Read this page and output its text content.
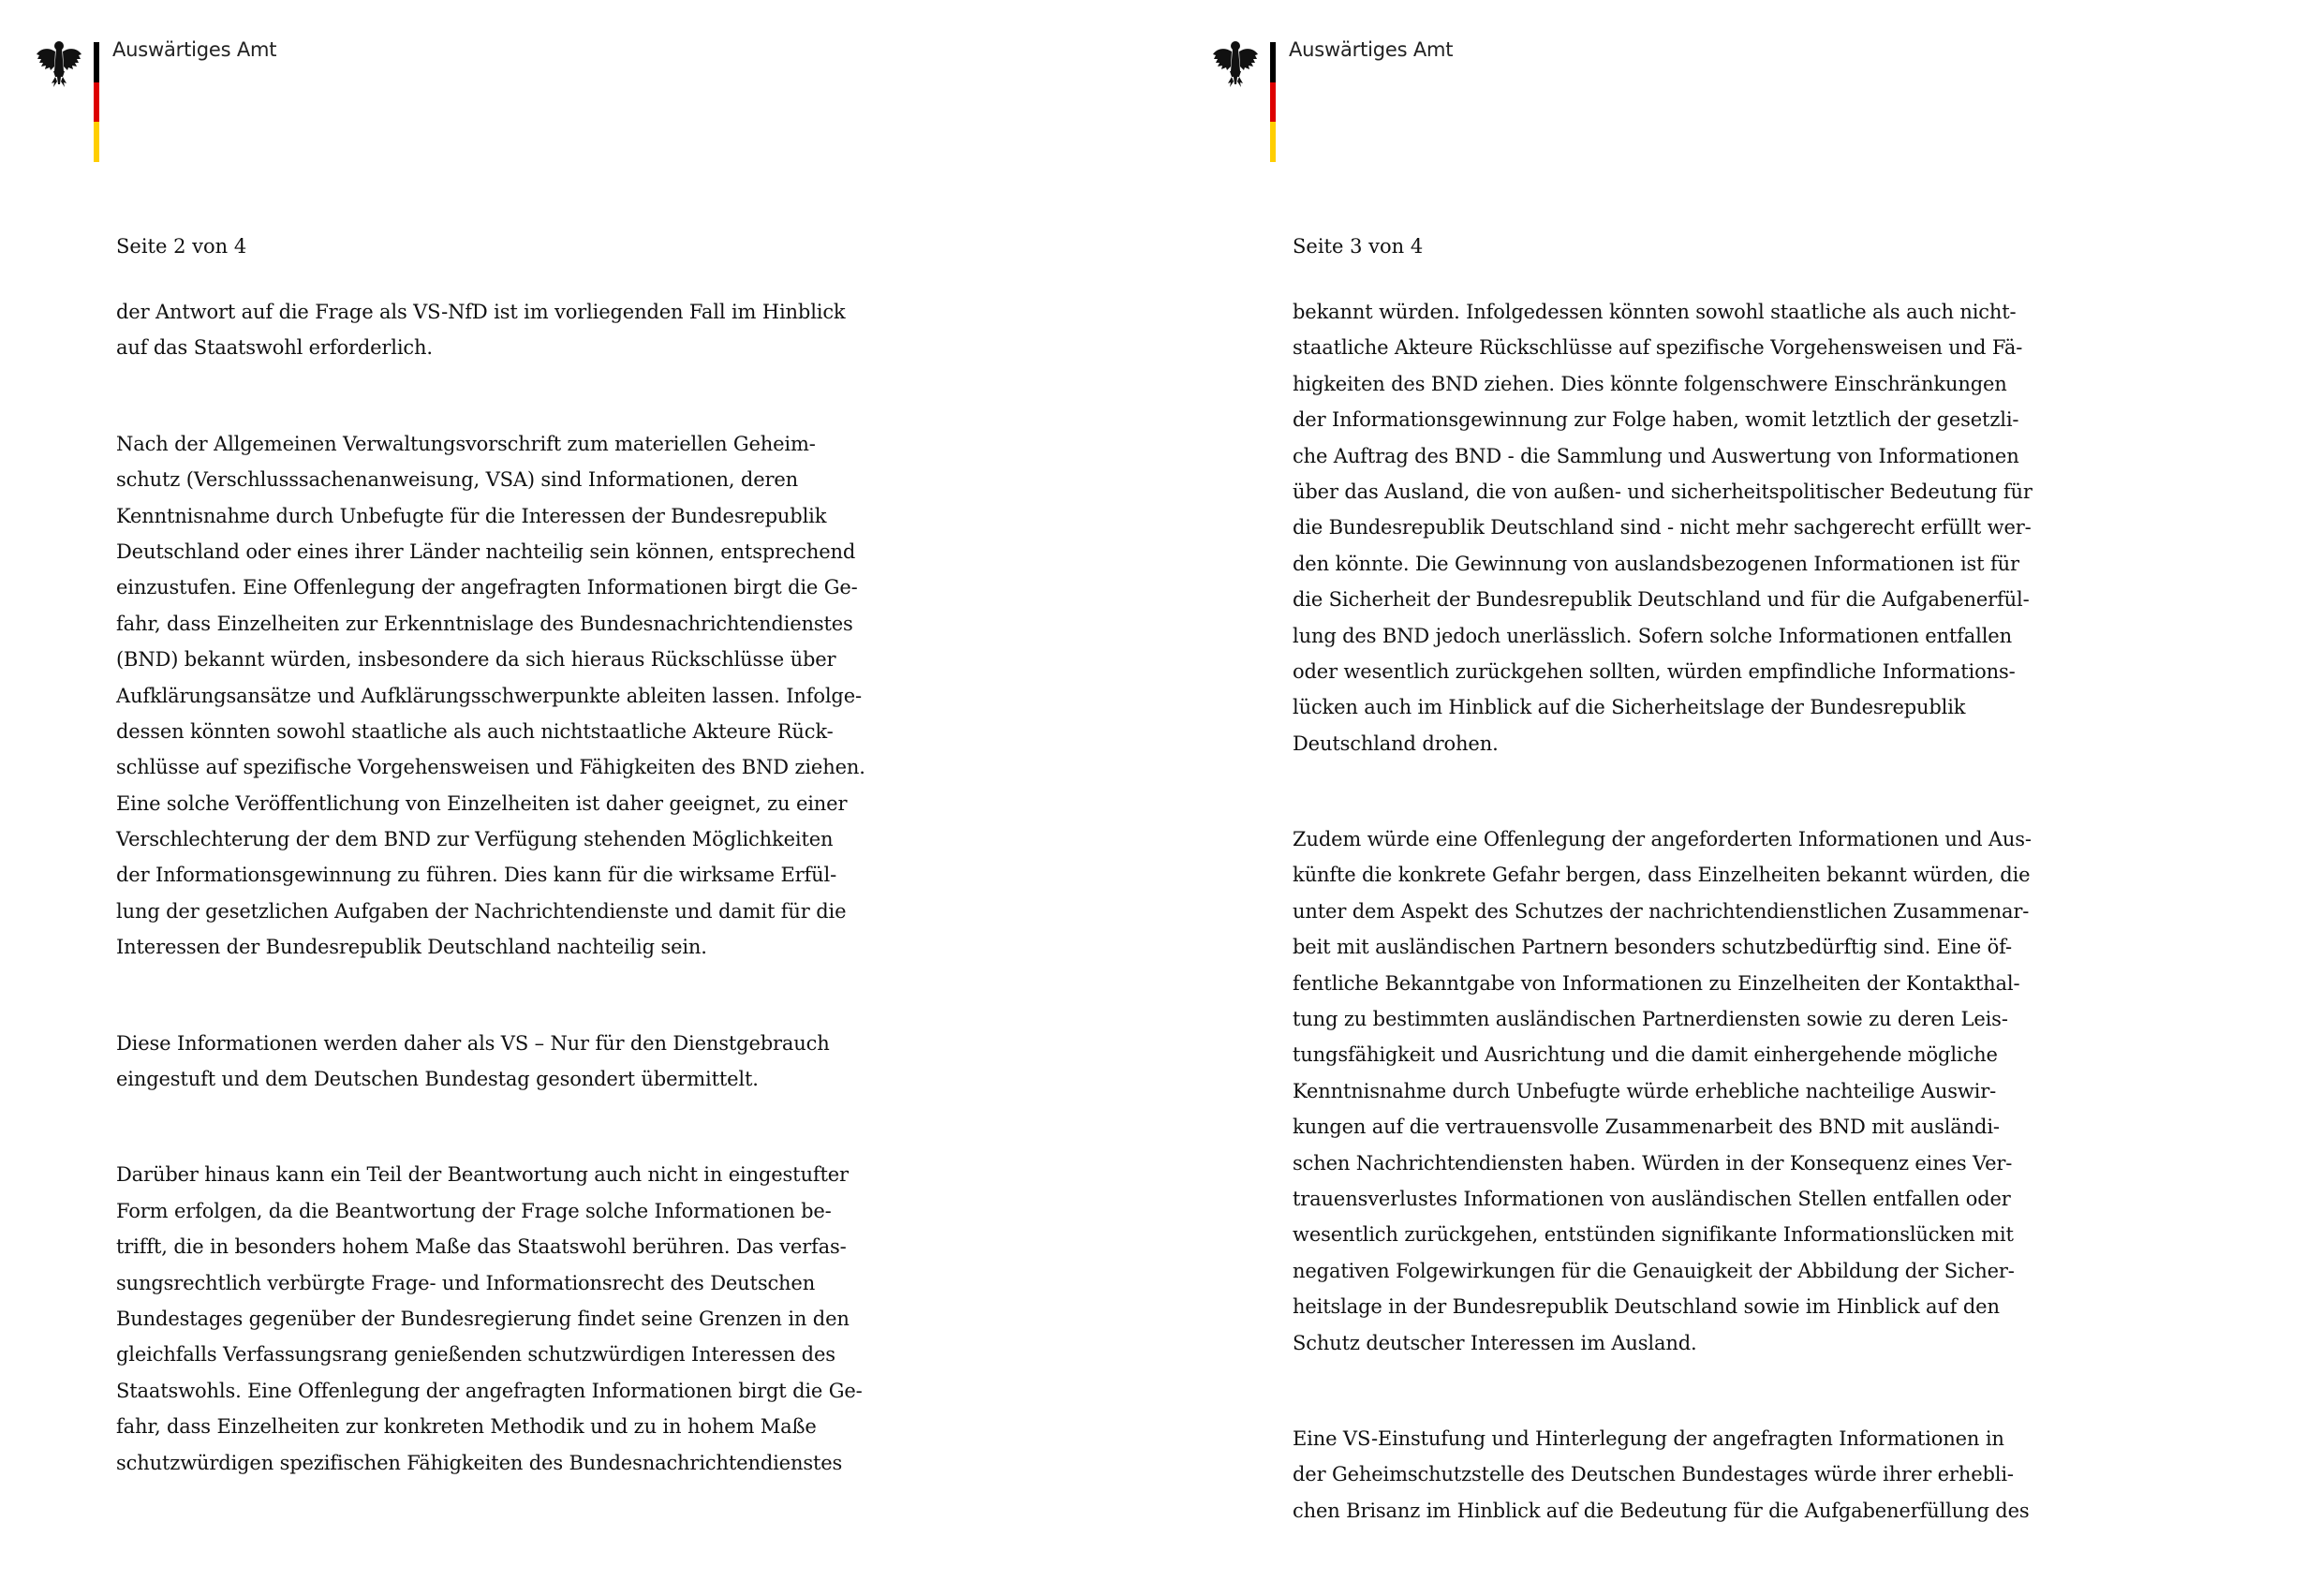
Auswärtiges Amt
Seite 2 von 4
der Antwort auf die Frage als VS-NfD ist im vorliegenden Fall im Hinblick
auf das Staatswohl erforderlich.
Nach der Allgemeinen Verwaltungsvorschrift zum materiellen Geheim-
schutz (Verschlusssachenanweisung, VSA) sind Informationen, deren
Kenntnisnahme durch Unbefugte für die Interessen der Bundesrepublik
Deutschland oder eines ihrer Länder nachteilig sein können, entsprechend
einzustufen. Eine Offenlegung der angefragten Informationen birgt die Ge-
fahr, dass Einzelheiten zur Erkenntnislage des Bundesnachrichtendienstes
(BND) bekannt würden, insbesondere da sich hieraus Rückschlüsse über
Aufklärungsansätze und Aufklärungsschwerpunkte ableiten lassen. Infolge-
dessen könnten sowohl staatliche als auch nichtstaatliche Akteure Rück-
schlüsse auf spezifische Vorgehensweisen und Fähigkeiten des BND ziehen.
Eine solche Veröffentlichung von Einzelheiten ist daher geeignet, zu einer
Verschlechterung der dem BND zur Verfügung stehenden Möglichkeiten
der Informationsgewinnung zu führen. Dies kann für die wirksame Erfül-
lung der gesetzlichen Aufgaben der Nachrichtendienste und damit für die
Interessen der Bundesrepublik Deutschland nachteilig sein.
Diese Informationen werden daher als VS – Nur für den Dienstgebrauch
eingestuft und dem Deutschen Bundestag gesondert übermittelt.
Darüber hinaus kann ein Teil der Beantwortung auch nicht in eingestufter
Form erfolgen, da die Beantwortung der Frage solche Informationen be-
trifft, die in besonders hohem Maße das Staatswohl berühren. Das verfas-
sungsrechtlich verbürgte Frage- und Informationsrecht des Deutschen
Bundestages gegenüber der Bundesregierung findet seine Grenzen in den
gleichfalls Verfassungsrang genießenden schutzwürdigen Interessen des
Staatswohls. Eine Offenlegung der angefragten Informationen birgt die Ge-
fahr, dass Einzelheiten zur konkreten Methodik und zu in hohem Maße
schutzwürdigen spezifischen Fähigkeiten des Bundesnachrichtendienstes
Auswärtiges Amt
Seite 3 von 4
bekannt würden. Infolgedessen könnten sowohl staatliche als auch nicht-
staatliche Akteure Rückschlüsse auf spezifische Vorgehensweisen und Fä-
higkeiten des BND ziehen. Dies könnte folgenschwere Einschränkungen
der Informationsgewinnung zur Folge haben, womit letztlich der gesetzli-
che Auftrag des BND - die Sammlung und Auswertung von Informationen
über das Ausland, die von außen- und sicherheitspolitischer Bedeutung für
die Bundesrepublik Deutschland sind - nicht mehr sachgerecht erfüllt wer-
den könnte. Die Gewinnung von auslandsbezogenen Informationen ist für
die Sicherheit der Bundesrepublik Deutschland und für die Aufgabenerfül-
lung des BND jedoch unerlässlich. Sofern solche Informationen entfallen
oder wesentlich zurückgehen sollten, würden empfindliche Informations-
lücken auch im Hinblick auf die Sicherheitslage der Bundesrepublik
Deutschland drohen.
Zudem würde eine Offenlegung der angeforderten Informationen und Aus-
künfte die konkrete Gefahr bergen, dass Einzelheiten bekannt würden, die
unter dem Aspekt des Schutzes der nachrichtendienstlichen Zusammenar-
beit mit ausländischen Partnern besonders schutzbedürftig sind. Eine öf-
fentliche Bekanntgabe von Informationen zu Einzelheiten der Kontakthal-
tung zu bestimmten ausländischen Partnerdiensten sowie zu deren Leis-
tungsfähigkeit und Ausrichtung und die damit einhergehende mögliche
Kenntnisnahme durch Unbefugte würde erhebliche nachteilige Auswir-
kungen auf die vertrauensvolle Zusammenarbeit des BND mit ausländi-
schen Nachrichtendiensten haben. Würden in der Konsequenz eines Ver-
trauensverlustes Informationen von ausländischen Stellen entfallen oder
wesentlich zurückgehen, entstünden signifikante Informationslücken mit
negativen Folgewirkungen für die Genauigkeit der Abbildung der Sicher-
heitslage in der Bundesrepublik Deutschland sowie im Hinblick auf den
Schutz deutscher Interessen im Ausland.
Eine VS-Einstufung und Hinterlegung der angefragten Informationen in
der Geheimschutzstelle des Deutschen Bundestages würde ihrer erhebli-
chen Brisanz im Hinblick auf die Bedeutung für die Aufgabenerfüllung des
